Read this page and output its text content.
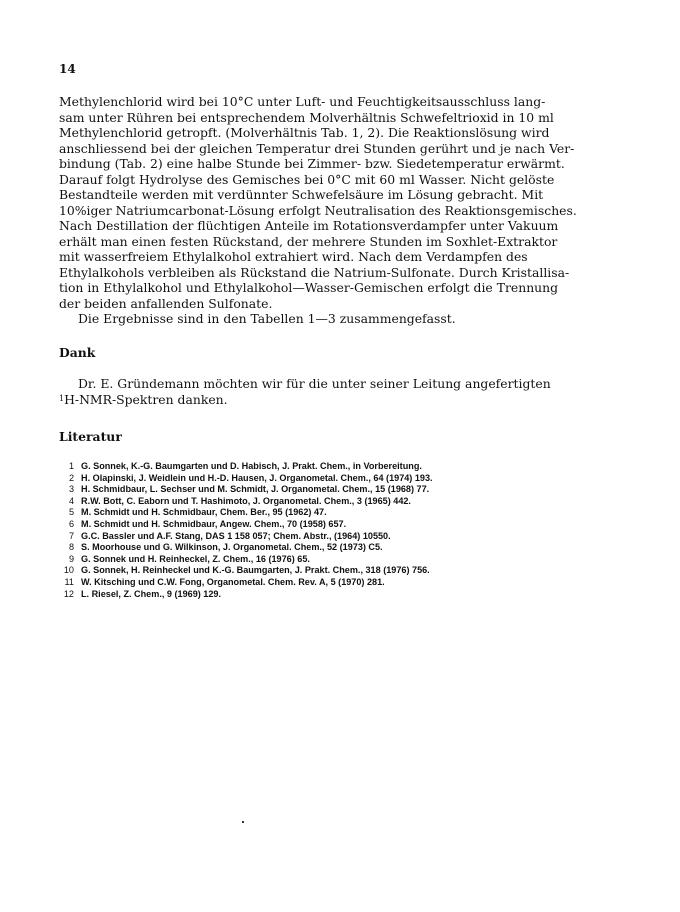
14
Methylenchlorid wird bei 10°C unter Luft- und Feuchtigkeitsausschluss lang-
sam unter Rühren bei entsprechendem Molverhältnis Schwefeltrioxid in 10 ml
Methylenchlorid getropft. (Molverhältnis Tab. 1, 2). Die Reaktionslösung wird
anschliessend bei der gleichen Temperatur drei Stunden gerührt und je nach Ver-
bindung (Tab. 2) eine halbe Stunde bei Zimmer- bzw. Siedetemperatur erwärmt.
Darauf folgt Hydrolyse des Gemisches bei 0°C mit 60 ml Wasser. Nicht gelöste
Bestandteile werden mit verdünnter Schwefelsäure im Lösung gebracht. Mit
10%iger Natriumcarbonat-Lösung erfolgt Neutralisation des Reaktionsgemisches.
Nach Destillation der flüchtigen Anteile im Rotationsverdampfer unter Vakuum
erhält man einen festen Rückstand, der mehrere Stunden im Soxhlet-Extraktor
mit wasserfreiem Ethylalkohol extrahiert wird. Nach dem Verdampfen des
Ethylalkohols verbleiben als Rückstand die Natrium-Sulfonate. Durch Kristallisa-
tion in Ethylalkohol und Ethylalkohol—Wasser-Gemischen erfolgt die Trennung
der beiden anfallenden Sulfonate.
Die Ergebnisse sind in den Tabellen 1—3 zusammengefasst.
Dank
Dr. E. Gründemann möchten wir für die unter seiner Leitung angefertigten
$^1$H-NMR-Spektren danken.
Literatur
1 G. Sonnek, K.-G. Baumgarten und D. Habisch, J. Prakt. Chem., in Vorbereitung.
2 H. Olapinski, J. Weidlein und H.-D. Hausen, J. Organometal. Chem., 64 (1974) 193.
3 H. Schmidbaur, L. Sechser und M. Schmidt, J. Organometal. Chem., 15 (1968) 77.
4 R.W. Bott, C. Eaborn und T. Hashimoto, J. Organometal. Chem., 3 (1965) 442.
5 M. Schmidt und H. Schmidbaur, Chem. Ber., 95 (1962) 47.
6 M. Schmidt und H. Schmidbaur, Angew. Chem., 70 (1958) 657.
7 G.C. Bassler und A.F. Stang, DAS 1 158 057; Chem. Abstr., (1964) 10550.
8 S. Moorhouse und G. Wilkinson, J. Organometal. Chem., 52 (1973) C5.
9 G. Sonnek und H. Reinheckel, Z. Chem., 16 (1976) 65.
10 G. Sonnek, H. Reinheckel und K.-G. Baumgarten, J. Prakt. Chem., 318 (1976) 756.
11 W. Kitsching und C.W. Fong, Organometal. Chem. Rev. A, 5 (1970) 281.
12 L. Riesel, Z. Chem., 9 (1969) 129.
